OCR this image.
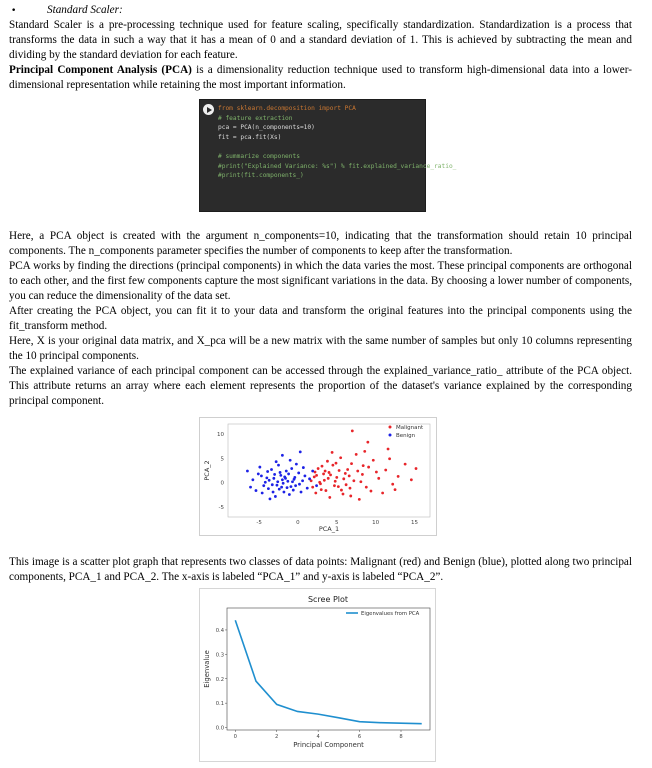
•	Standard Scaler:

Standard Scaler is a pre-processing technique used for feature scaling, specifically standardization. Standardization is a process that transforms the data in such a way that it has a mean of 0 and a standard deviation of 1. This is achieved by subtracting the mean and dividing by the standard deviation for each feature.

Principal Component Analysis (PCA) is a dimensionality reduction technique used to transform high-dimensional data into a lower-dimensional representation while retaining the most important information.

from sklearn.decomposition import PCA
# feature extraction
pca = PCA(n_components=10)
fit = pca.fit(Xs)

# summarize components
#print("Explained Variance: %s") % fit.explained_variance_ratio_
#print(fit.components_)

Here, a PCA object is created with the argument n_components=10, indicating that the transformation should retain 10 principal components. The n_components parameter specifies the number of components to keep after the transformation.

PCA works by finding the directions (principal components) in which the data varies the most. These principal components are orthogonal to each other, and the first few components capture the most significant variations in the data. By choosing a lower number of components, you can reduce the dimensionality of the data set.

After creating the PCA object, you can fit it to your data and transform the original features into the principal components using the fit_transform method.

Here, X is your original data matrix, and X_pca will be a new matrix with the same number of samples but only 10 columns representing the 10 principal components.

The explained variance of each principal component can be accessed through the explained_variance_ratio_ attribute of the PCA object. This attribute returns an array where each element represents the proportion of the dataset's variance explained by the corresponding principal component.

-5	0	5	10	15
-5
0
5
10
PCA_1
PCA_2
Malignant
Benign

This image is a scatter plot graph that represents two classes of data points: Malignant (red) and Benign (blue), plotted along two principal components, PCA_1 and PCA_2. The x-axis is labeled “PCA_1” and y-axis is labeled “PCA_2”.

Scree Plot
0.0
0.1
0.2
0.3
0.4
0	2	4	6	8
Principal Component
Eigenvalue
Eigenvalues from PCA
